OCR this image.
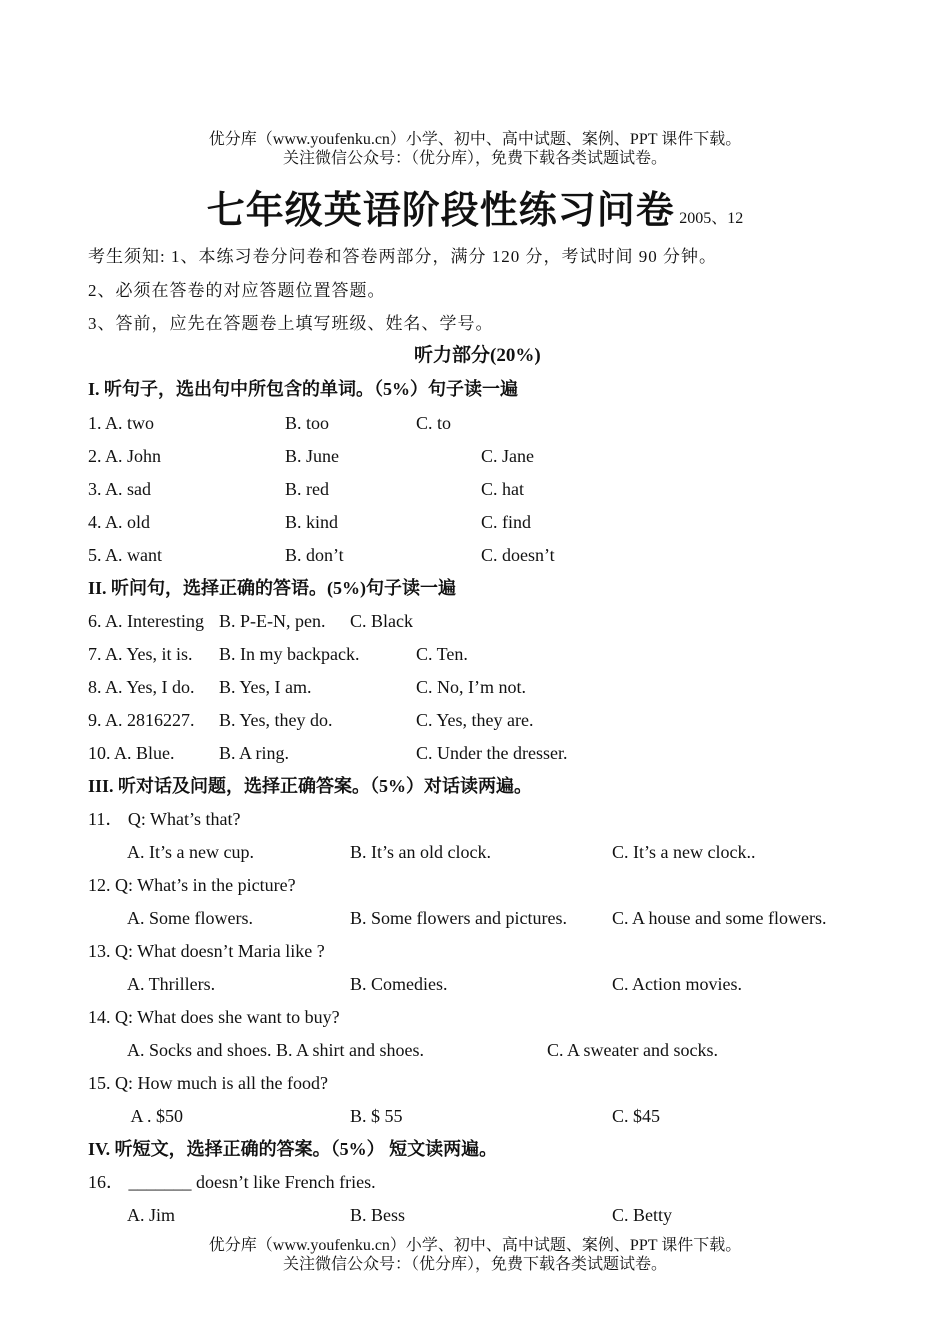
优分库（www.youfenku.cn）小学、初中、高中试题、案例、PPT 课件下载。
关注微信公众号：（优分库），免费下载各类试题试卷。
七年级英语阶段性练习问卷 2005、12
考生须知: 1、本练习卷分问卷和答卷两部分，满分 120 分，考试时间 90 分钟。
2、必须在答卷的对应答题位置答题。
3、答前，应先在答题卷上填写班级、姓名、学号。
听力部分(20%)
I. 听句子，选出句中所包含的单词。（5%）句子读一遍
1. A. two	B. too	C. to
2. A. John	B. June	C. Jane
3. A. sad	B. red	C. hat
4. A. old	B. kind	C. find
5. A. want	B. don’t	C. doesn’t
II. 听问句，选择正确的答语。(5%)句子读一遍
6. A. Interesting B. P-E-N, pen. C. Black
7. A. Yes, it is. B. In my backpack.	C. Ten.
8. A. Yes, I do. B. Yes, I am.	C. No, I’m not.
9. A. 2816227. B. Yes, they do.	C. Yes, they are.
10. A. Blue. B. A ring.	C. Under the dresser.
III. 听对话及问题，选择正确答案。（5%）对话读两遍。
11． Q: What’s that?
A. It’s a new cup.	B. It’s an old clock.	C. It’s a new clock..
12. Q: What’s in the picture?
A. Some flowers.	B. Some flowers and pictures.	C. A house and some flowers.
13. Q: What doesn’t Maria like ?
A. Thrillers.	B. Comedies.	C. Action movies.
14. Q: What does she want to buy?
A. Socks and shoes. B. A shirt and shoes.	C. A sweater and socks.
15. Q: How much is all the food?
A . $50	B. $ 55	C. $45
IV. 听短文，选择正确的答案。（5%） 短文读两遍。
16． _______ doesn’t like French fries.
A. Jim	B. Bess	C. Betty
优分库（www.youfenku.cn）小学、初中、高中试题、案例、PPT 课件下载。
关注微信公众号：（优分库），免费下载各类试题试卷。
